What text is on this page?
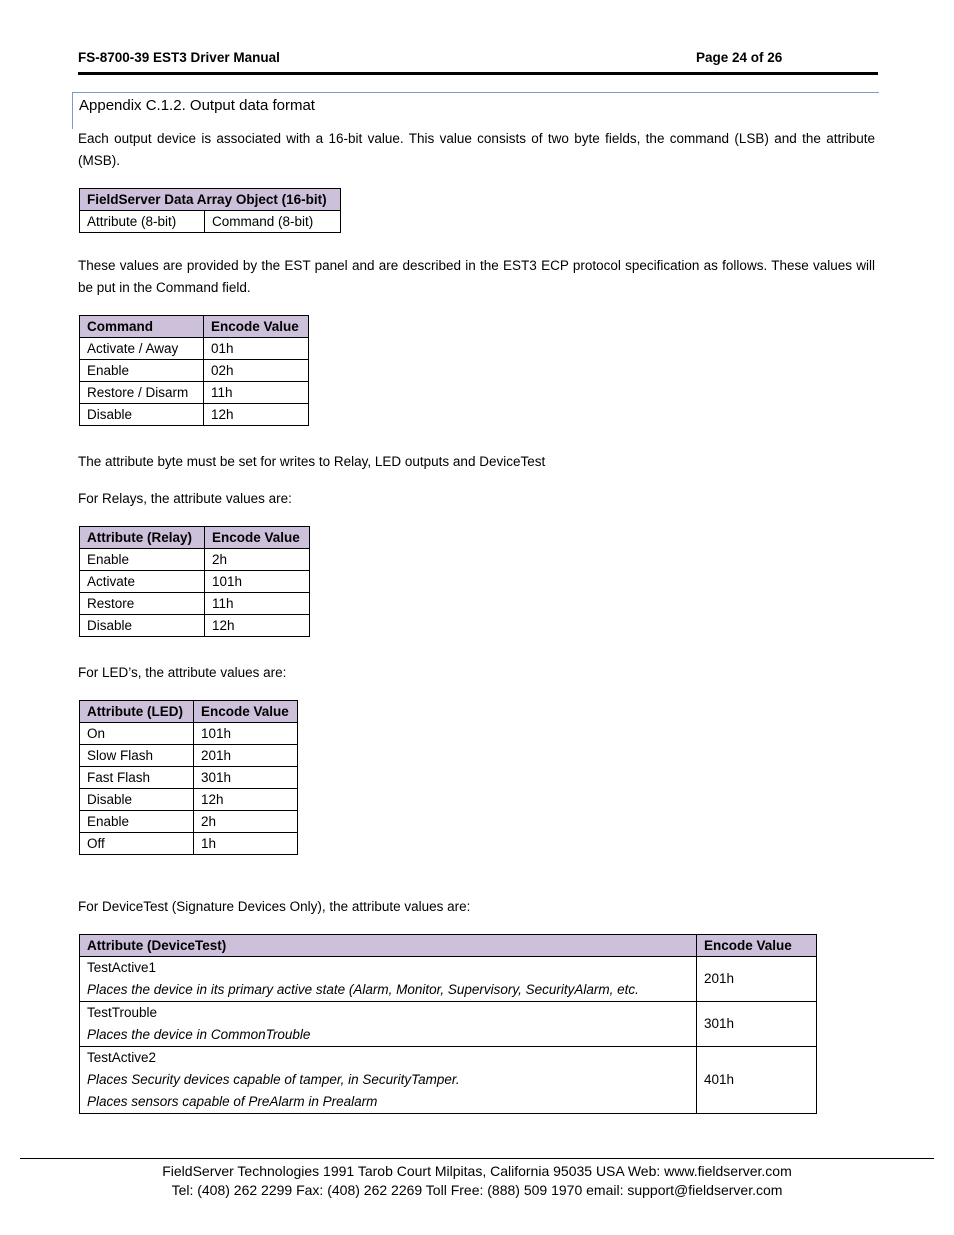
FS-8700-39 EST3 Driver Manual	Page 24 of 26
Appendix C.1.2. Output data format
Each output device is associated with a 16-bit value. This value consists of two byte fields, the command (LSB) and the attribute (MSB).
FieldServer Data Array Object (16-bit)
Attribute (8-bit)	Command (8-bit)
These values are provided by the EST panel and are described in the EST3 ECP protocol specification as follows. These values will be put in the Command field.
Command	Encode Value
Activate / Away	01h
Enable	02h
Restore / Disarm	11h
Disable	12h
The attribute byte must be set for writes to Relay, LED outputs and DeviceTest
For Relays, the attribute values are:
Attribute (Relay)	Encode Value
Enable	2h
Activate	101h
Restore	11h
Disable	12h
For LED’s, the attribute values are:
Attribute (LED)	Encode Value
On	101h
Slow Flash	201h
Fast Flash	301h
Disable	12h
Enable	2h
Off	1h
For DeviceTest (Signature Devices Only), the attribute values are:
Attribute (DeviceTest)	Encode Value
TestActive1
Places the device in its primary active state (Alarm, Monitor, Supervisory, SecurityAlarm, etc.	201h
TestTrouble
Places the device in CommonTrouble	301h
TestActive2
Places Security devices capable of tamper, in SecurityTamper.
Places sensors capable of PreAlarm in Prealarm	401h
FieldServer Technologies 1991 Tarob Court Milpitas, California 95035 USA Web: www.fieldserver.com
Tel: (408) 262 2299 Fax: (408) 262 2269 Toll Free: (888) 509 1970 email: support@fieldserver.com
